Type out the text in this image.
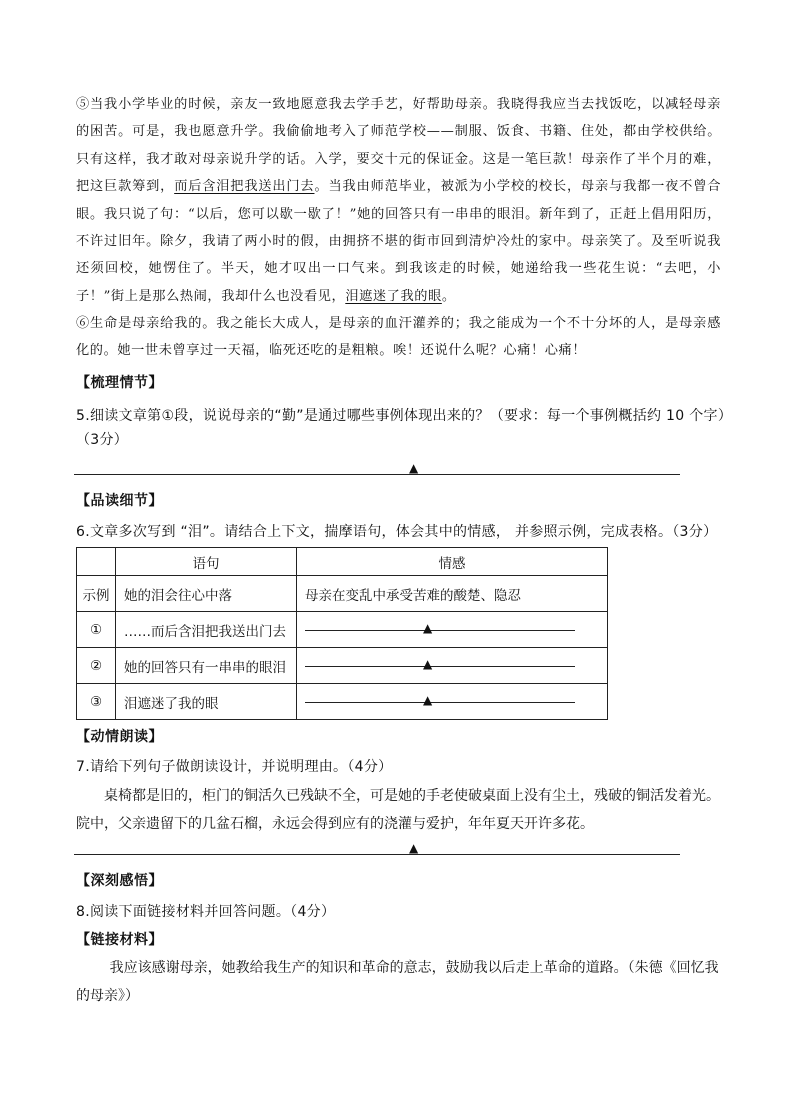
⑤当我小学毕业的时候，亲友一致地愿意我去学手艺，好帮助母亲。我晓得我应当去找饭吃，以减轻母亲的困苦。可是，我也愿意升学。我偷偷地考入了师范学校——制服、饭食、书籍、住处，都由学校供给。只有这样，我才敢对母亲说升学的话。入学，要交十元的保证金。这是一笔巨款！母亲作了半个月的难，把这巨款筹到，而后含泪把我送出门去。当我由师范毕业，被派为小学校的校长，母亲与我都一夜不曾合眼。我只说了句：“以后，您可以歇一歇了！”她的回答只有一串串的眼泪。新年到了，正赶上倡用阳历，不许过旧年。除夕，我请了两小时的假，由拥挤不堪的街市回到清炉冷灶的家中。母亲笑了。及至听说我还须回校，她愣住了。半天，她才叹出一口气来。到我该走的时候，她递给我一些花生说：“去吧，小子！”街上是那么热闹，我却什么也没看见，泪遮迷了我的眼。
⑥生命是母亲给我的。我之能长大成人，是母亲的血汗灌养的；我之能成为一个不十分坏的人，是母亲感化的。她一世未曾享过一天福，临死还吃的是粗粮。唉！还说什么呢？心痛！心痛！
【梳理情节】
5.细读文章第①段，说说母亲的“勤”是通过哪些事例体现出来的？（要求：每一个事例概括约 10 个字）（3分）
▲
【品读细节】
6.文章多次写到 “泪”。请结合上下文，揣摩语句，体会其中的情感， 并参照示例，完成表格。（3分）
	语句	情感
示例	她的泪会往心中落	母亲在变乱中承受苦难的酸楚、隐忍
①	……而后含泪把我送出门去	▲

②	她的回答只有一串串的眼泪	▲

③	泪遮迷了我的眼	▲
【动情朗读】
7.请给下列句子做朗读设计，并说明理由。（4分）
桌椅都是旧的，柜门的铜活久已残缺不全，可是她的手老使破桌面上没有尘土，残破的铜活发着光。院中，父亲遗留下的几盆石榴，永远会得到应有的浇灌与爱护，年年夏天开许多花。
▲
【深刻感悟】
8.阅读下面链接材料并回答问题。（4分）
【链接材料】
我应该感谢母亲，她教给我生产的知识和革命的意志，鼓励我以后走上革命的道路。（朱德《回忆我的母亲》）
